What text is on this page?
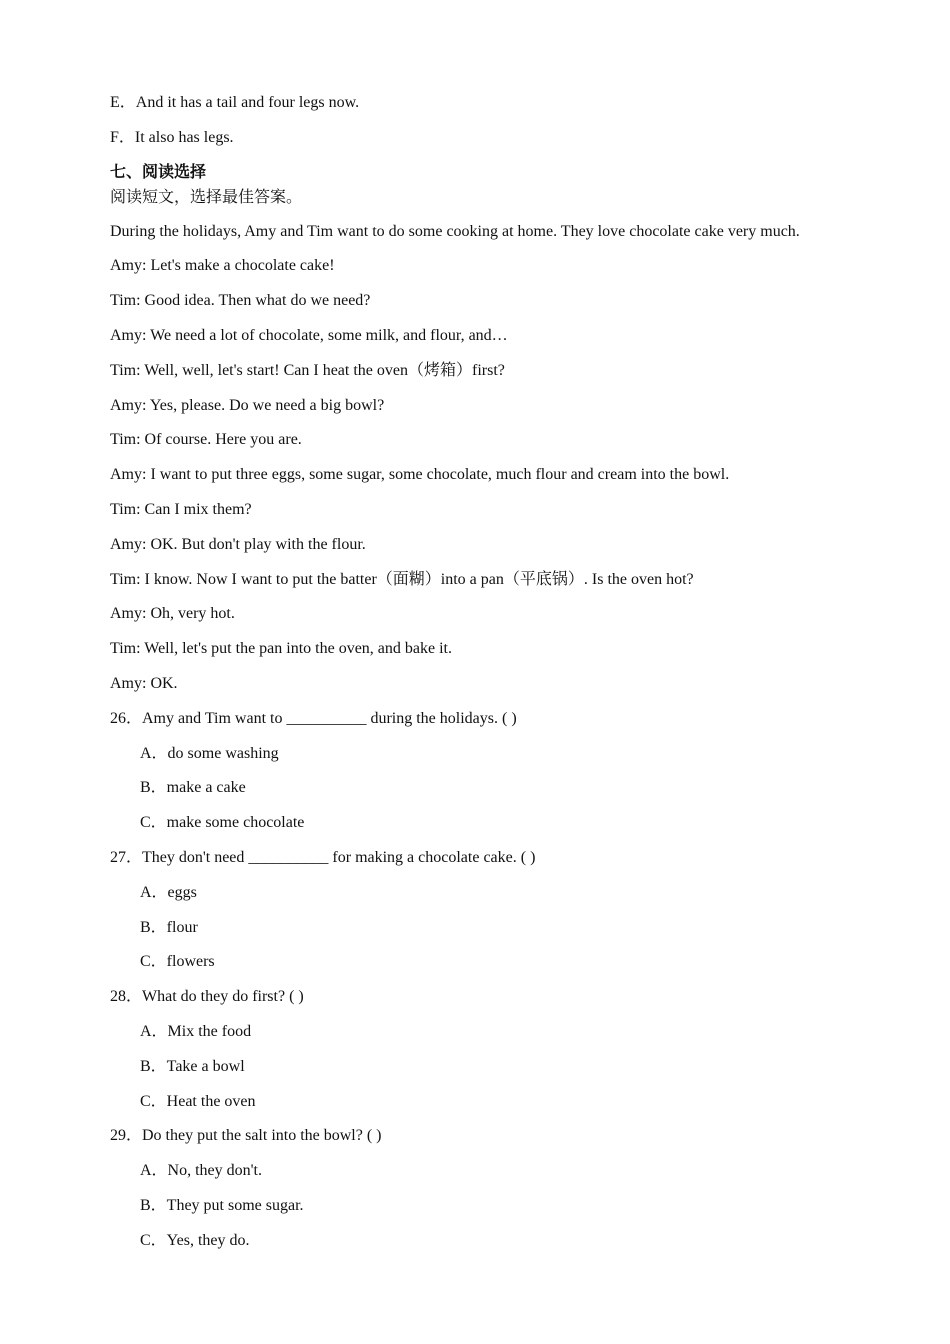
E．And it has a tail and four legs now.
F．It also has legs.
七、阅读选择
阅读短文，选择最佳答案。
During the holidays, Amy and Tim want to do some cooking at home. They love chocolate cake very much.
Amy: Let's make a chocolate cake!
Tim: Good idea. Then what do we need?
Amy: We need a lot of chocolate, some milk, and flour, and…
Tim: Well, well, let's start! Can I heat the oven（烤箱）first?
Amy: Yes, please. Do we need a big bowl?
Tim: Of course. Here you are.
Amy: I want to put three eggs, some sugar, some chocolate, much flour and cream into the bowl.
Tim: Can I mix them?
Amy: OK. But don't play with the flour.
Tim: I know. Now I want to put the batter（面糊）into a pan（平底锅）. Is the oven hot?
Amy: Oh, very hot.
Tim: Well, let's put the pan into the oven, and bake it.
Amy: OK.
26．Amy and Tim want to __________ during the holidays. ( )
A．do some washing
B．make a cake
C．make some chocolate
27．They don't need __________ for making a chocolate cake. ( )
A．eggs
B．flour
C．flowers
28．What do they do first? ( )
A．Mix the food
B．Take a bowl
C．Heat the oven
29．Do they put the salt into the bowl? ( )
A．No, they don't.
B．They put some sugar.
C．Yes, they do.
